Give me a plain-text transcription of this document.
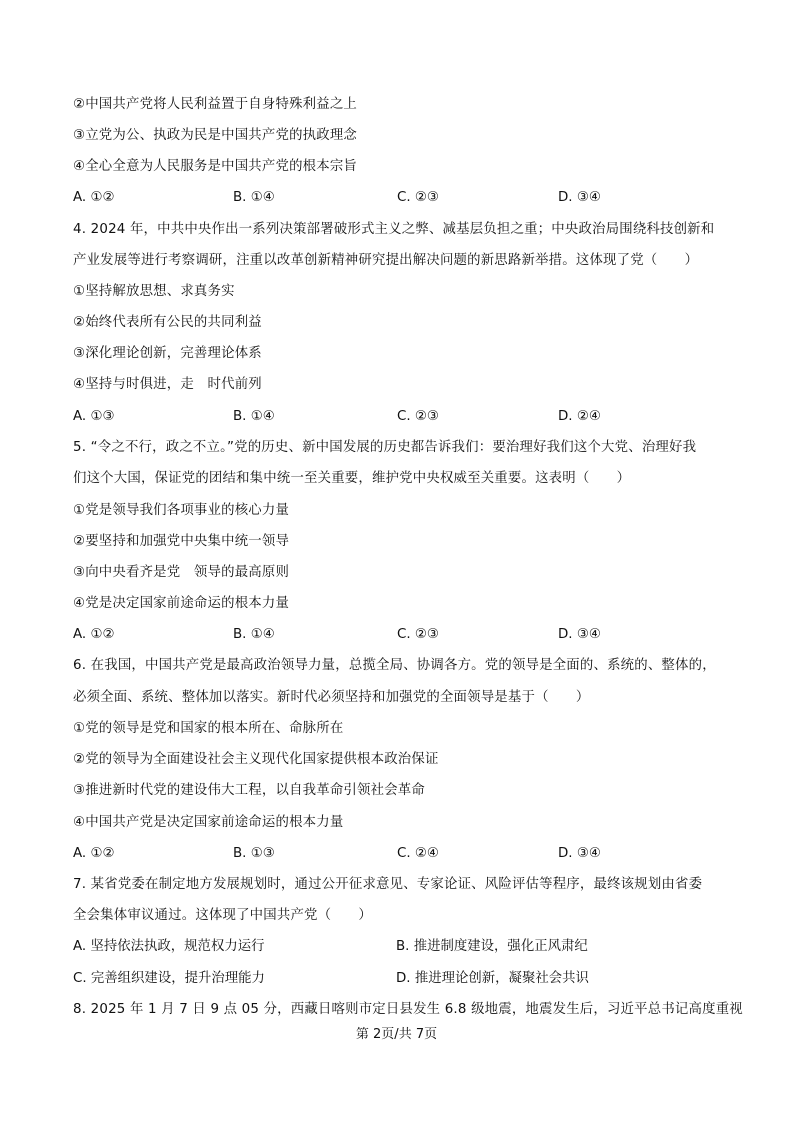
②中国共产党将人民利益置于自身特殊利益之上
③立党为公、执政为民是中国共产党的执政理念
④全心全意为人民服务是中国共产党的根本宗旨
A. ①②	B. ①④	C. ②③	D. ③④
4. 2024 年，中共中央作出一系列决策部署破形式主义之弊、减基层负担之重；中央政治局围绕科技创新和
产业发展等进行考察调研，注重以改革创新精神研究提出解决问题的新思路新举措。这体现了党（　　）
①坚持解放思想、求真务实
②始终代表所有公民的共同利益
③深化理论创新，完善理论体系
④坚持与时俱进，走　时代前列
A. ①③	B. ①④	C. ②③	D. ②④
5. “令之不行，政之不立。”党的历史、新中国发展的历史都告诉我们：要治理好我们这个大党、治理好我
们这个大国，保证党的团结和集中统一至关重要，维护党中央权威至关重要。这表明（　　）
①党是领导我们各项事业的核心力量
②要坚持和加强党中央集中统一领导
③向中央看齐是党　领导的最高原则
④党是决定国家前途命运的根本力量
A. ①②	B. ①④	C. ②③	D. ③④
6. 在我国，中国共产党是最高政治领导力量，总揽全局、协调各方。党的领导是全面的、系统的、整体的，
必须全面、系统、整体加以落实。新时代必须坚持和加强党的全面领导是基于（　　）
①党的领导是党和国家的根本所在、命脉所在
②党的领导为全面建设社会主义现代化国家提供根本政治保证
③推进新时代党的建设伟大工程，以自我革命引领社会革命
④中国共产党是决定国家前途命运的根本力量
A. ①②	B. ①③	C. ②④	D. ③④
7. 某省党委在制定地方发展规划时，通过公开征求意见、专家论证、风险评估等程序，最终该规划由省委
全会集体审议通过。这体现了中国共产党（　　）
A. 坚持依法执政，规范权力运行	B. 推进制度建设，强化正风肃纪
C. 完善组织建设，提升治理能力	D. 推进理论创新，凝聚社会共识
8. 2025 年 1 月 7 日 9 点 05 分，西藏日喀则市定日县发生 6.8 级地震，地震发生后，习近平总书记高度重视
第 2页/共 7页
